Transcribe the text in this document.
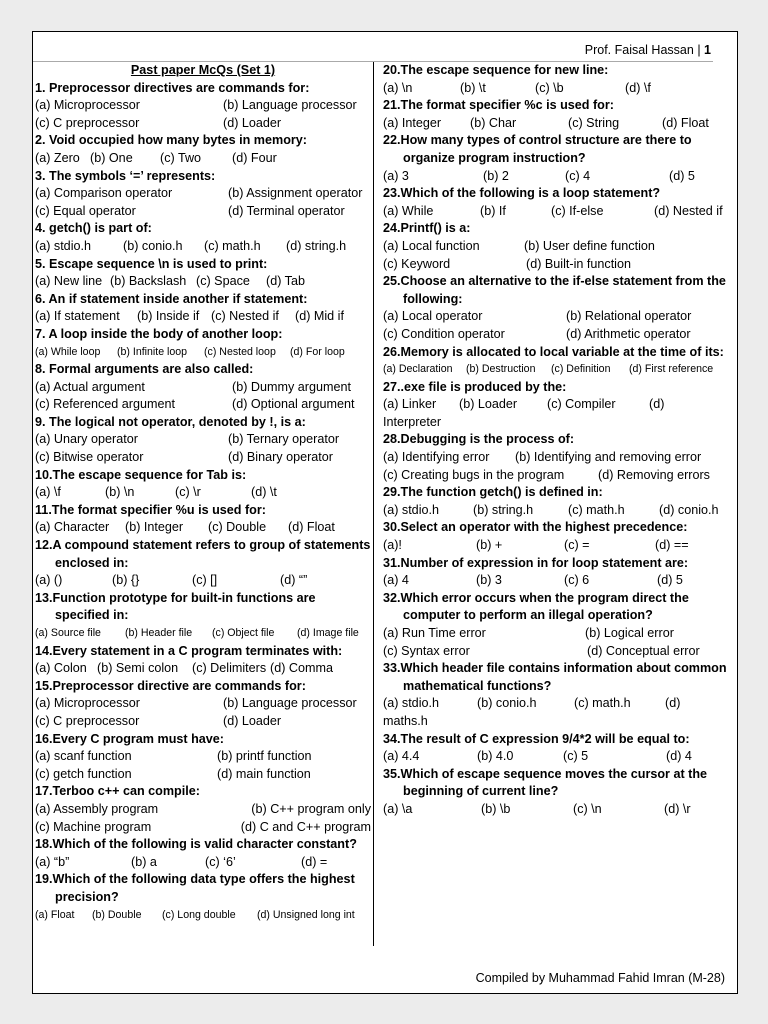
Prof. Faisal Hassan | 1
Past paper McQs (Set 1)
1. Preprocessor directives are commands for:
(a) Microprocessor	(b) Language processor
(c) C preprocessor	(d) Loader
2. Void occupied how many bytes in memory:
(a) Zero (b) One	(c) Two	(d) Four
3. The symbols ‘=’ represents:
(a) Comparison operator	(b) Assignment operator
(c) Equal operator	(d) Terminal operator
4. getch() is part of:
(a) stdio.h	(b) conio.h	(c) math.h	(d) string.h
5. Escape sequence \n is used to print:
(a) New line (b) Backslash (c) Space	(d) Tab
6. An if statement inside another if statement:
(a) If statement	(b) Inside if (c) Nested if	(d) Mid if
7. A loop inside the body of another loop:
(a) While loop	(b) Infinite loop	(c) Nested loop	(d) For loop
8. Formal arguments are also called:
(a) Actual argument	(b) Dummy argument
(c) Referenced argument	(d) Optional argument
9. The logical not operator, denoted by !, is a:
(a) Unary operator	(b) Ternary operator
(c) Bitwise operator	(d) Binary operator
10.The escape sequence for Tab is:
(a) \f	(b) \n	(c) \r	(d) \t
11.The format specifier %u is used for:
(a) Character	(b) Integer	(c) Double	(d) Float
12.A compound statement refers to group of statements enclosed in:
(a) ()	(b) {}	(c) []	(d) “”
13.Function prototype for built-in functions are specified in:
(a) Source file	(b) Header file	(c) Object file	(d) Image file
14.Every statement in a C program terminates with:
(a) Colon (b) Semi colon	(c) Delimiters (d) Comma
15.Preprocessor directive are commands for:
(a) Microprocessor	(b) Language processor
(c) C preprocessor	(d) Loader
16.Every C program must have:
(a) scanf function	(b) printf function
(c) getch function	(d) main function
17.Terboo c++ can compile:
(a) Assembly program	(b) C++ program only
(c) Machine program	(d) C and C++ program
18.Which of the following is valid character constant?
(a) “b”	(b) a	(c) ‘6’	(d) =
19.Which of the following data type offers the highest precision?
(a) Float	(b) Double	(c) Long double	(d) Unsigned long int
20.The escape sequence for new line:
(a) \n	(b) \t	(c) \b	(d) \f
21.The format specifier %c is used for:
(a) Integer	(b) Char	(c) String	(d) Float
22.How many types of control structure are there to organize program instruction?
(a) 3	(b) 2	(c) 4	(d) 5
23.Which of the following is a loop statement?
(a) While	(b) If	(c) If-else	(d) Nested if
24.Printf() is a:
(a) Local function	(b) User define function
(c) Keyword	(d) Built-in function
25.Choose an alternative to the if-else statement from the following:
(a) Local operator	(b) Relational operator
(c) Condition operator	(d) Arithmetic operator
26.Memory is allocated to local variable at the time of its:
(a) Declaration	(b) Destruction	(c) Definition	(d) First reference
27..exe file is produced by the:
(a) Linker	(b) Loader	(c) Compiler	(d)
Interpreter
28.Debugging is the process of:
(a) Identifying error	(b) Identifying and removing error
(c) Creating bugs in the program	(d) Removing errors
29.The function getch() is defined in:
(a) stdio.h	(b) string.h	(c) math.h	(d) conio.h
30.Select an operator with the highest precedence:
(a)!	(b) +	(c) =	(d) ==
31.Number of expression in for loop statement are:
(a) 4	(b) 3	(c) 6	(d) 5
32.Which error occurs when the program direct the computer to perform an illegal operation?
(a) Run Time error	(b) Logical error
(c) Syntax error	(d) Conceptual error
33.Which header file contains information about common mathematical functions?
(a) stdio.h	(b) conio.h	(c) math.h	(d)
maths.h
34.The result of C expression 9/4*2 will be equal to:
(a) 4.4	(b) 4.0	(c) 5	(d) 4
35.Which of escape sequence moves the cursor at the beginning of current line?
(a) \a	(b) \b	(c) \n	(d) \r
Compiled by Muhammad Fahid Imran (M-28)
